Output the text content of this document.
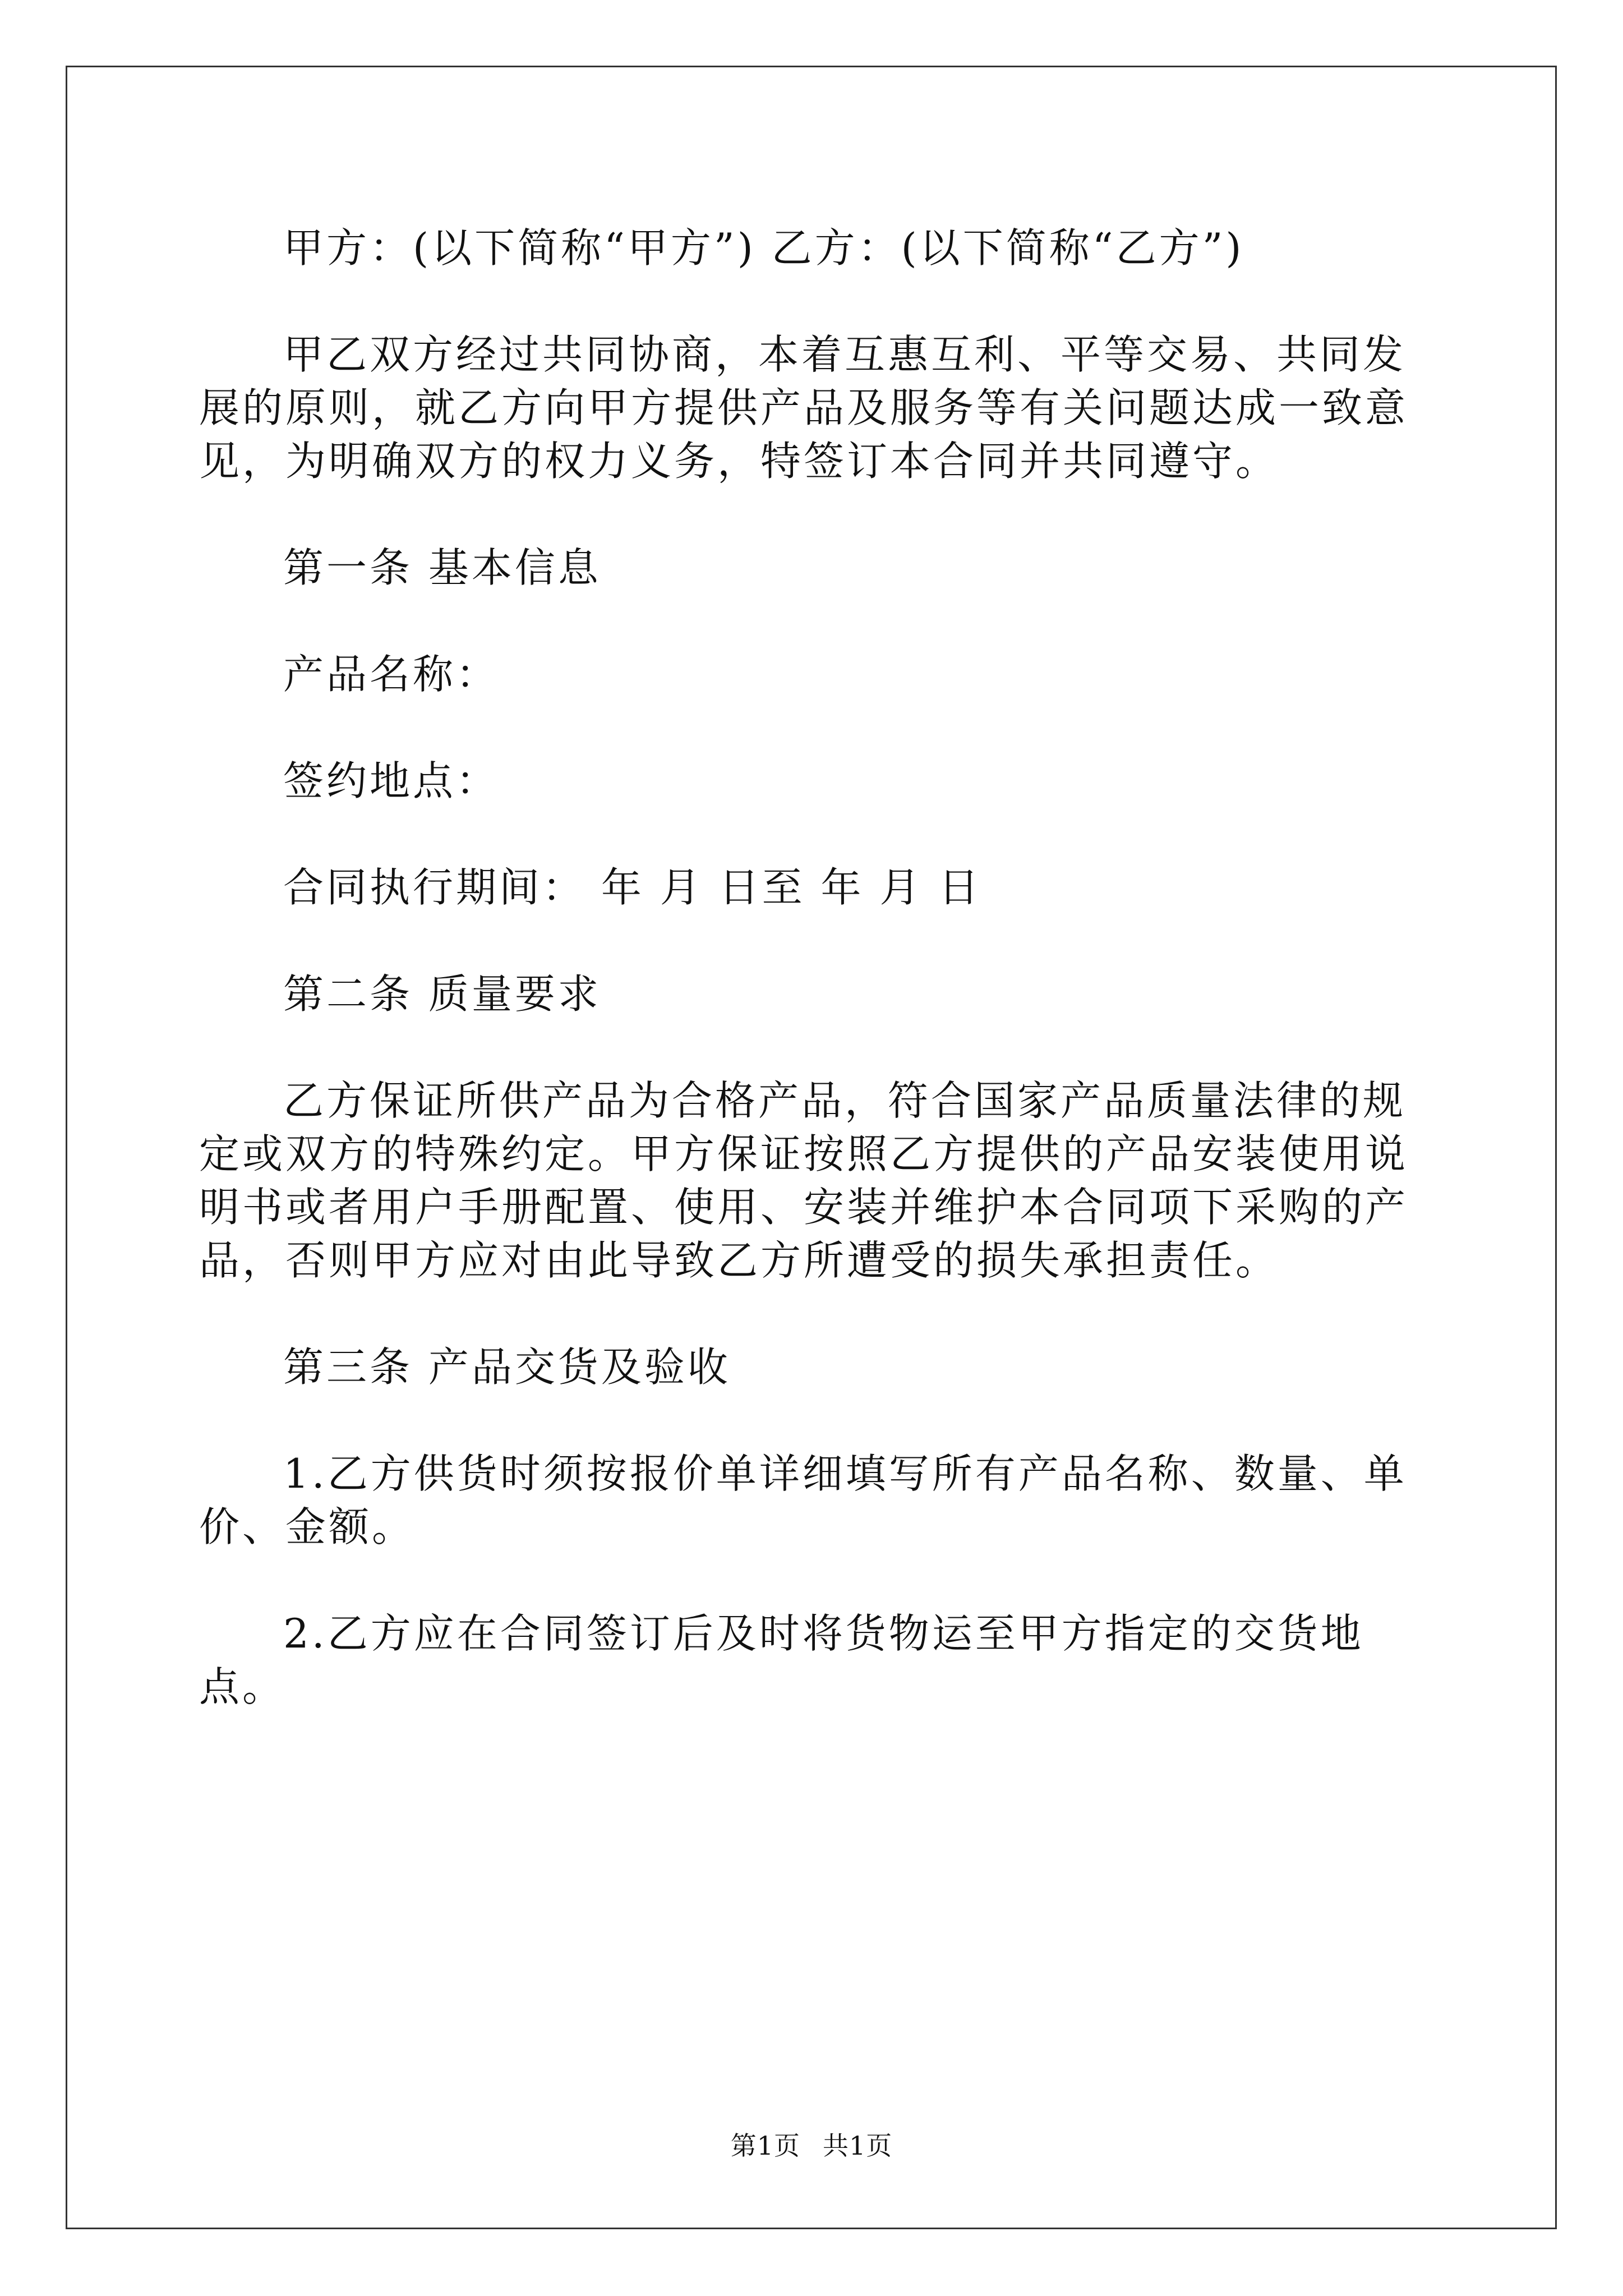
甲方：(以下简称“甲方”) 乙方：(以下简称“乙方”)

甲乙双方经过共同协商，本着互惠互利、平等交易、共同发展的原则，就乙方向甲方提供产品及服务等有关问题达成一致意见，为明确双方的权力义务，特签订本合同并共同遵守。

第一条 基本信息

产品名称：

签约地点：

合同执行期间： 年 月 日至 年 月 日

第二条 质量要求

乙方保证所供产品为合格产品，符合国家产品质量法律的规定或双方的特殊约定。甲方保证按照乙方提供的产品安装使用说明书或者用户手册配置、使用、安装并维护本合同项下采购的产品，否则甲方应对由此导致乙方所遭受的损失承担责任。

第三条 产品交货及验收

1.乙方供货时须按报价单详细填写所有产品名称、数量、单价、金额。

2.乙方应在合同签订后及时将货物运至甲方指定的交货地点。

第1页 共1页
